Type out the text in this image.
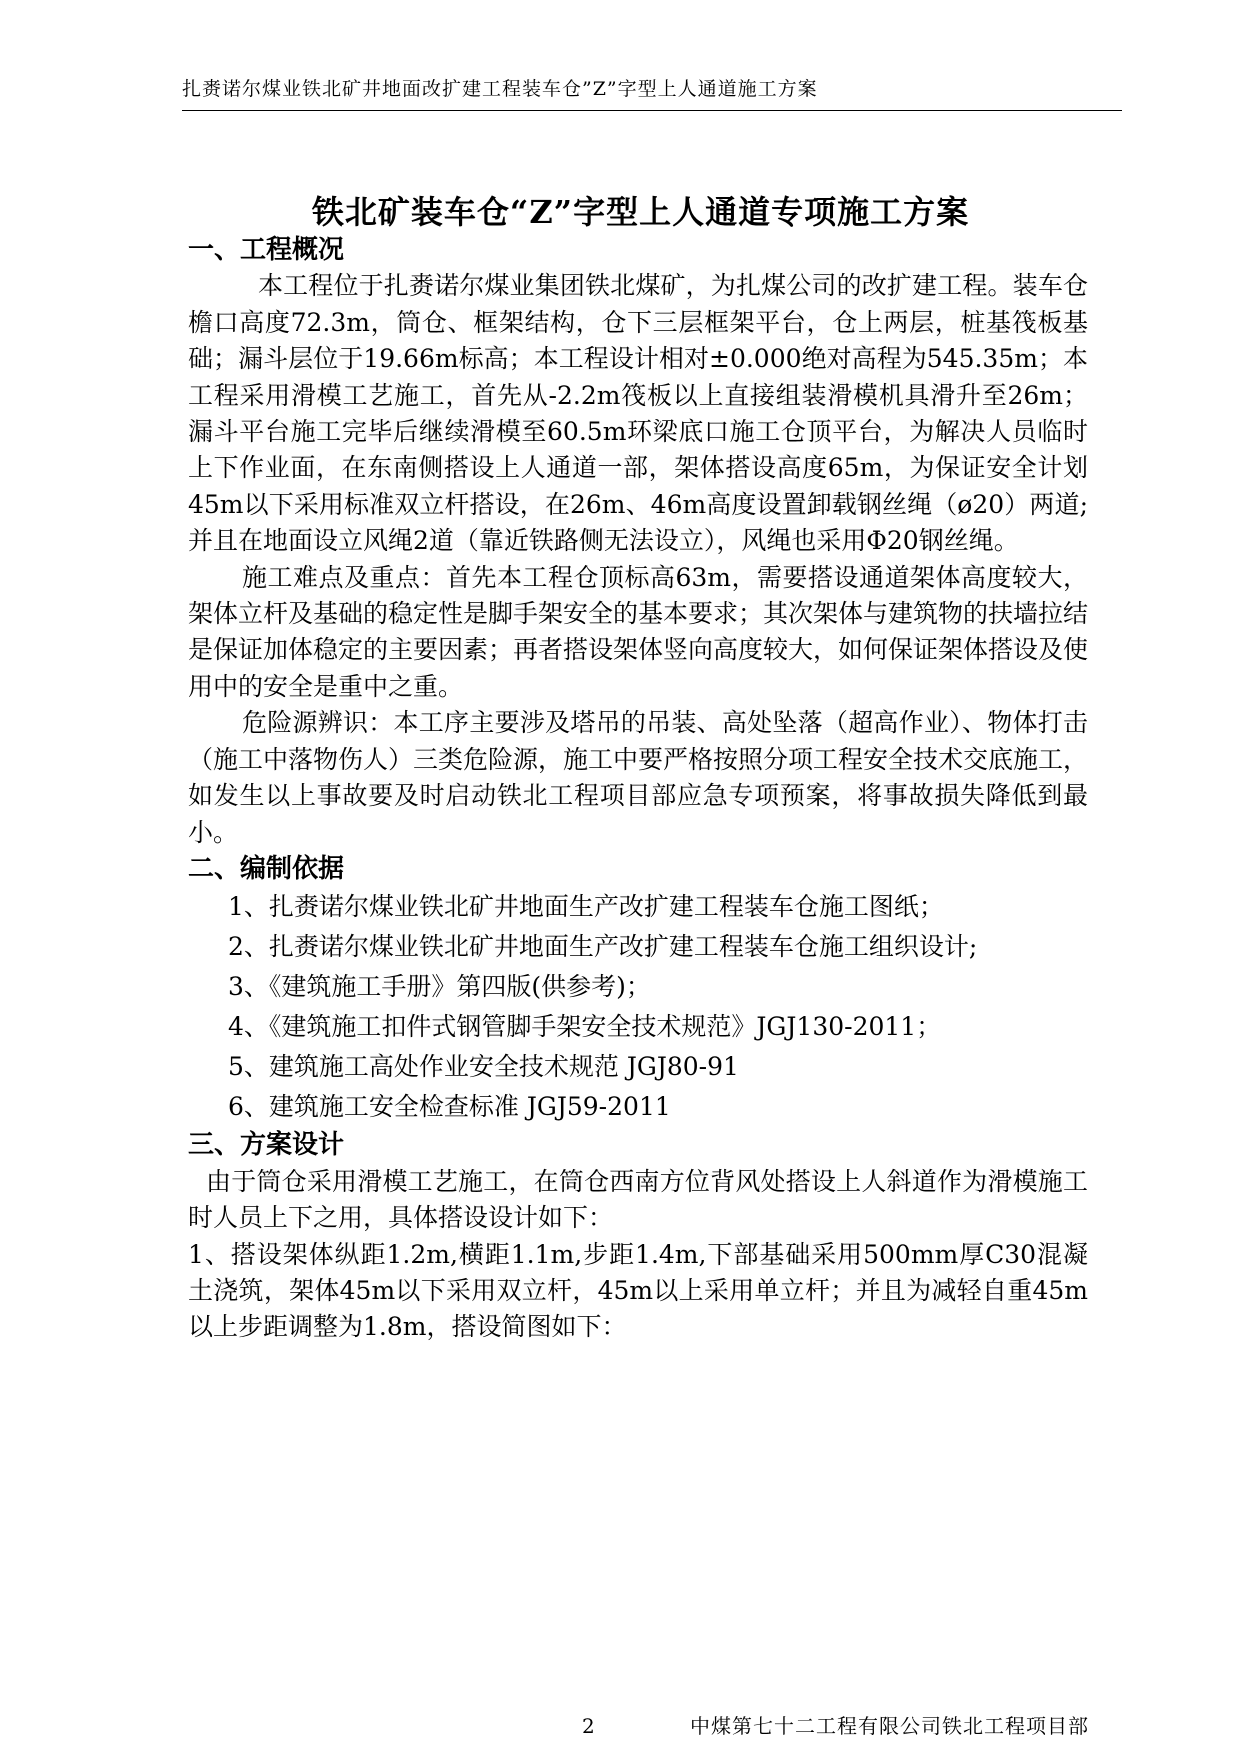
扎赉诺尔煤业铁北矿井地面改扩建工程装车仓”Z”字型上人通道施工方案
铁北矿装车仓“Z”字型上人通道专项施工方案
一、工程概况

本工程位于扎赉诺尔煤业集团铁北煤矿，为扎煤公司的改扩建工程。装车仓檐口高度72.3m，筒仓、框架结构，仓下三层框架平台，仓上两层，桩基筏板基础；漏斗层位于19.66m标高；本工程设计相对±0.000绝对高程为545.35m；本工程采用滑模工艺施工，首先从-2.2m筏板以上直接组装滑模机具滑升至26m；漏斗平台施工完毕后继续滑模至60.5m环梁底口施工仓顶平台，为解决人员临时上下作业面，在东南侧搭设上人通道一部，架体搭设高度65m，为保证安全计划45m以下采用标准双立杆搭设，在26m、46m高度设置卸载钢丝绳（ø20）两道;并且在地面设立风绳2道（靠近铁路侧无法设立），风绳也采用Φ20钢丝绳。

施工难点及重点：首先本工程仓顶标高63m，需要搭设通道架体高度较大，架体立杆及基础的稳定性是脚手架安全的基本要求；其次架体与建筑物的扶墙拉结是保证加体稳定的主要因素；再者搭设架体竖向高度较大，如何保证架体搭设及使用中的安全是重中之重。

危险源辨识：本工序主要涉及塔吊的吊装、高处坠落（超高作业）、物体打击（施工中落物伤人）三类危险源，施工中要严格按照分项工程安全技术交底施工，如发生以上事故要及时启动铁北工程项目部应急专项预案，将事故损失降低到最小。

二、编制依据

1、扎赉诺尔煤业铁北矿井地面生产改扩建工程装车仓施工图纸；

2、扎赉诺尔煤业铁北矿井地面生产改扩建工程装车仓施工组织设计;

3、《建筑施工手册》第四版(供参考)；

4、《建筑施工扣件式钢管脚手架安全技术规范》JGJ130-2011；

5、建筑施工高处作业安全技术规范 JGJ80-91

6、建筑施工安全检查标准 JGJ59-2011

三、方案设计

由于筒仓采用滑模工艺施工，在筒仓西南方位背风处搭设上人斜道作为滑模施工时人员上下之用，具体搭设设计如下：

1、搭设架体纵距1.2m,横距1.1m,步距1.4m,下部基础采用500mm厚C30混凝土浇筑，架体45m以下采用双立杆，45m以上采用单立杆；并且为减轻自重45m以上步距调整为1.8m，搭设简图如下：

2	中煤第七十二工程有限公司铁北工程项目部
